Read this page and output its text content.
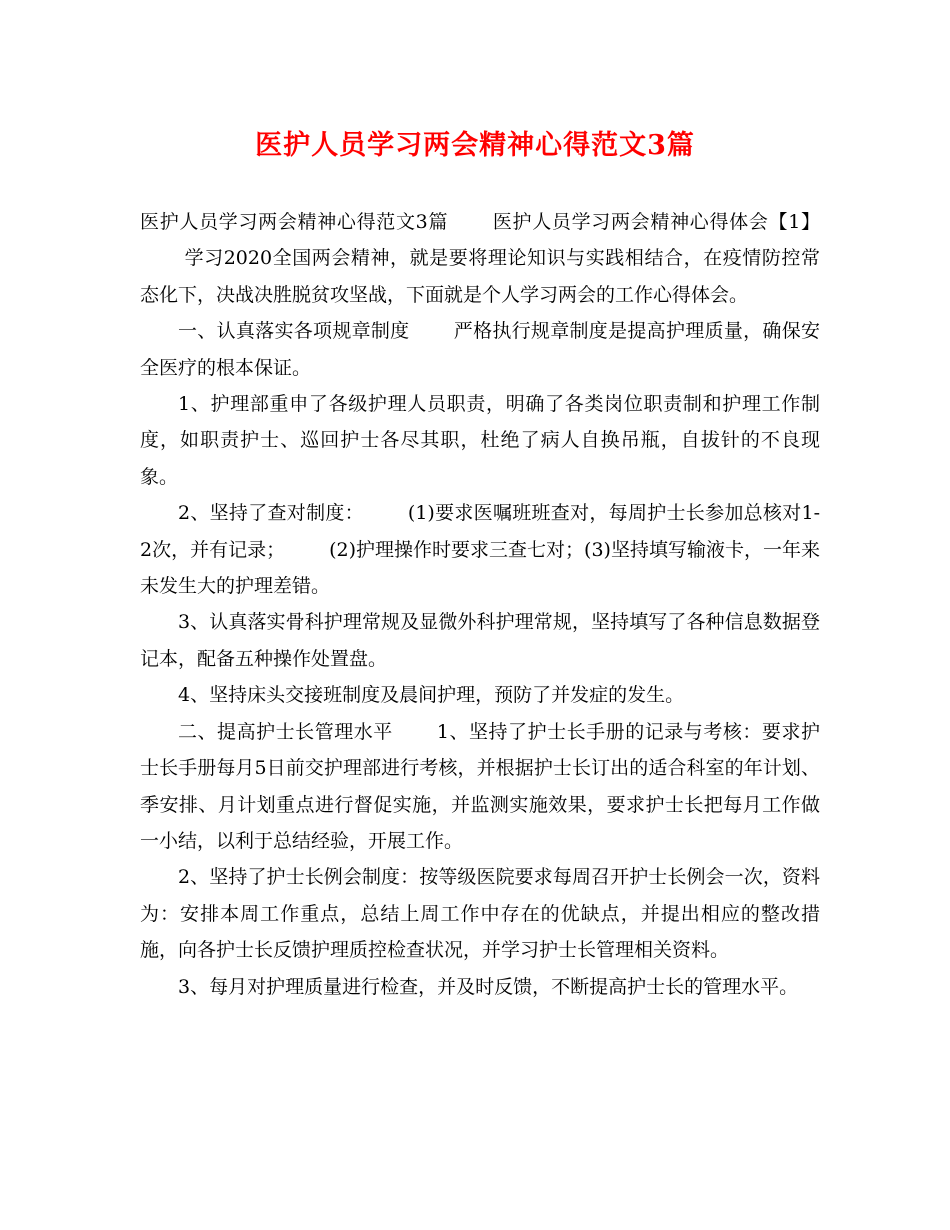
医护人员学习两会精神心得范文3篇

医护人员学习两会精神心得范文3篇 医护人员学习两会精神心得体会【1】学习2020全国两会精神，就是要将理论知识与实践相结合，在疫情防控常态化下，决战决胜脱贫攻坚战，下面就是个人学习两会的工作心得体会。

一、认真落实各项规章制度 严格执行规章制度是提高护理质量，确保安全医疗的根本保证。

1、护理部重申了各级护理人员职责，明确了各类岗位职责制和护理工作制度，如职责护士、巡回护士各尽其职，杜绝了病人自换吊瓶，自拔针的不良现象。

2、坚持了查对制度： (1)要求医嘱班班查对，每周护士长参加总核对1-2次，并有记录； (2)护理操作时要求三查七对；(3)坚持填写输液卡，一年来未发生大的护理差错。

3、认真落实骨科护理常规及显微外科护理常规，坚持填写了各种信息数据登记本，配备五种操作处置盘。

4、坚持床头交接班制度及晨间护理，预防了并发症的发生。

二、提高护士长管理水平 1、坚持了护士长手册的记录与考核：要求护士长手册每月5日前交护理部进行考核，并根据护士长订出的适合科室的年计划、季安排、月计划重点进行督促实施，并监测实施效果，要求护士长把每月工作做一小结，以利于总结经验，开展工作。

2、坚持了护士长例会制度：按等级医院要求每周召开护士长例会一次，资料为：安排本周工作重点，总结上周工作中存在的优缺点，并提出相应的整改措施，向各护士长反馈护理质控检查状况，并学习护士长管理相关资料。

3、每月对护理质量进行检查，并及时反馈，不断提高护士长的管理水平。
